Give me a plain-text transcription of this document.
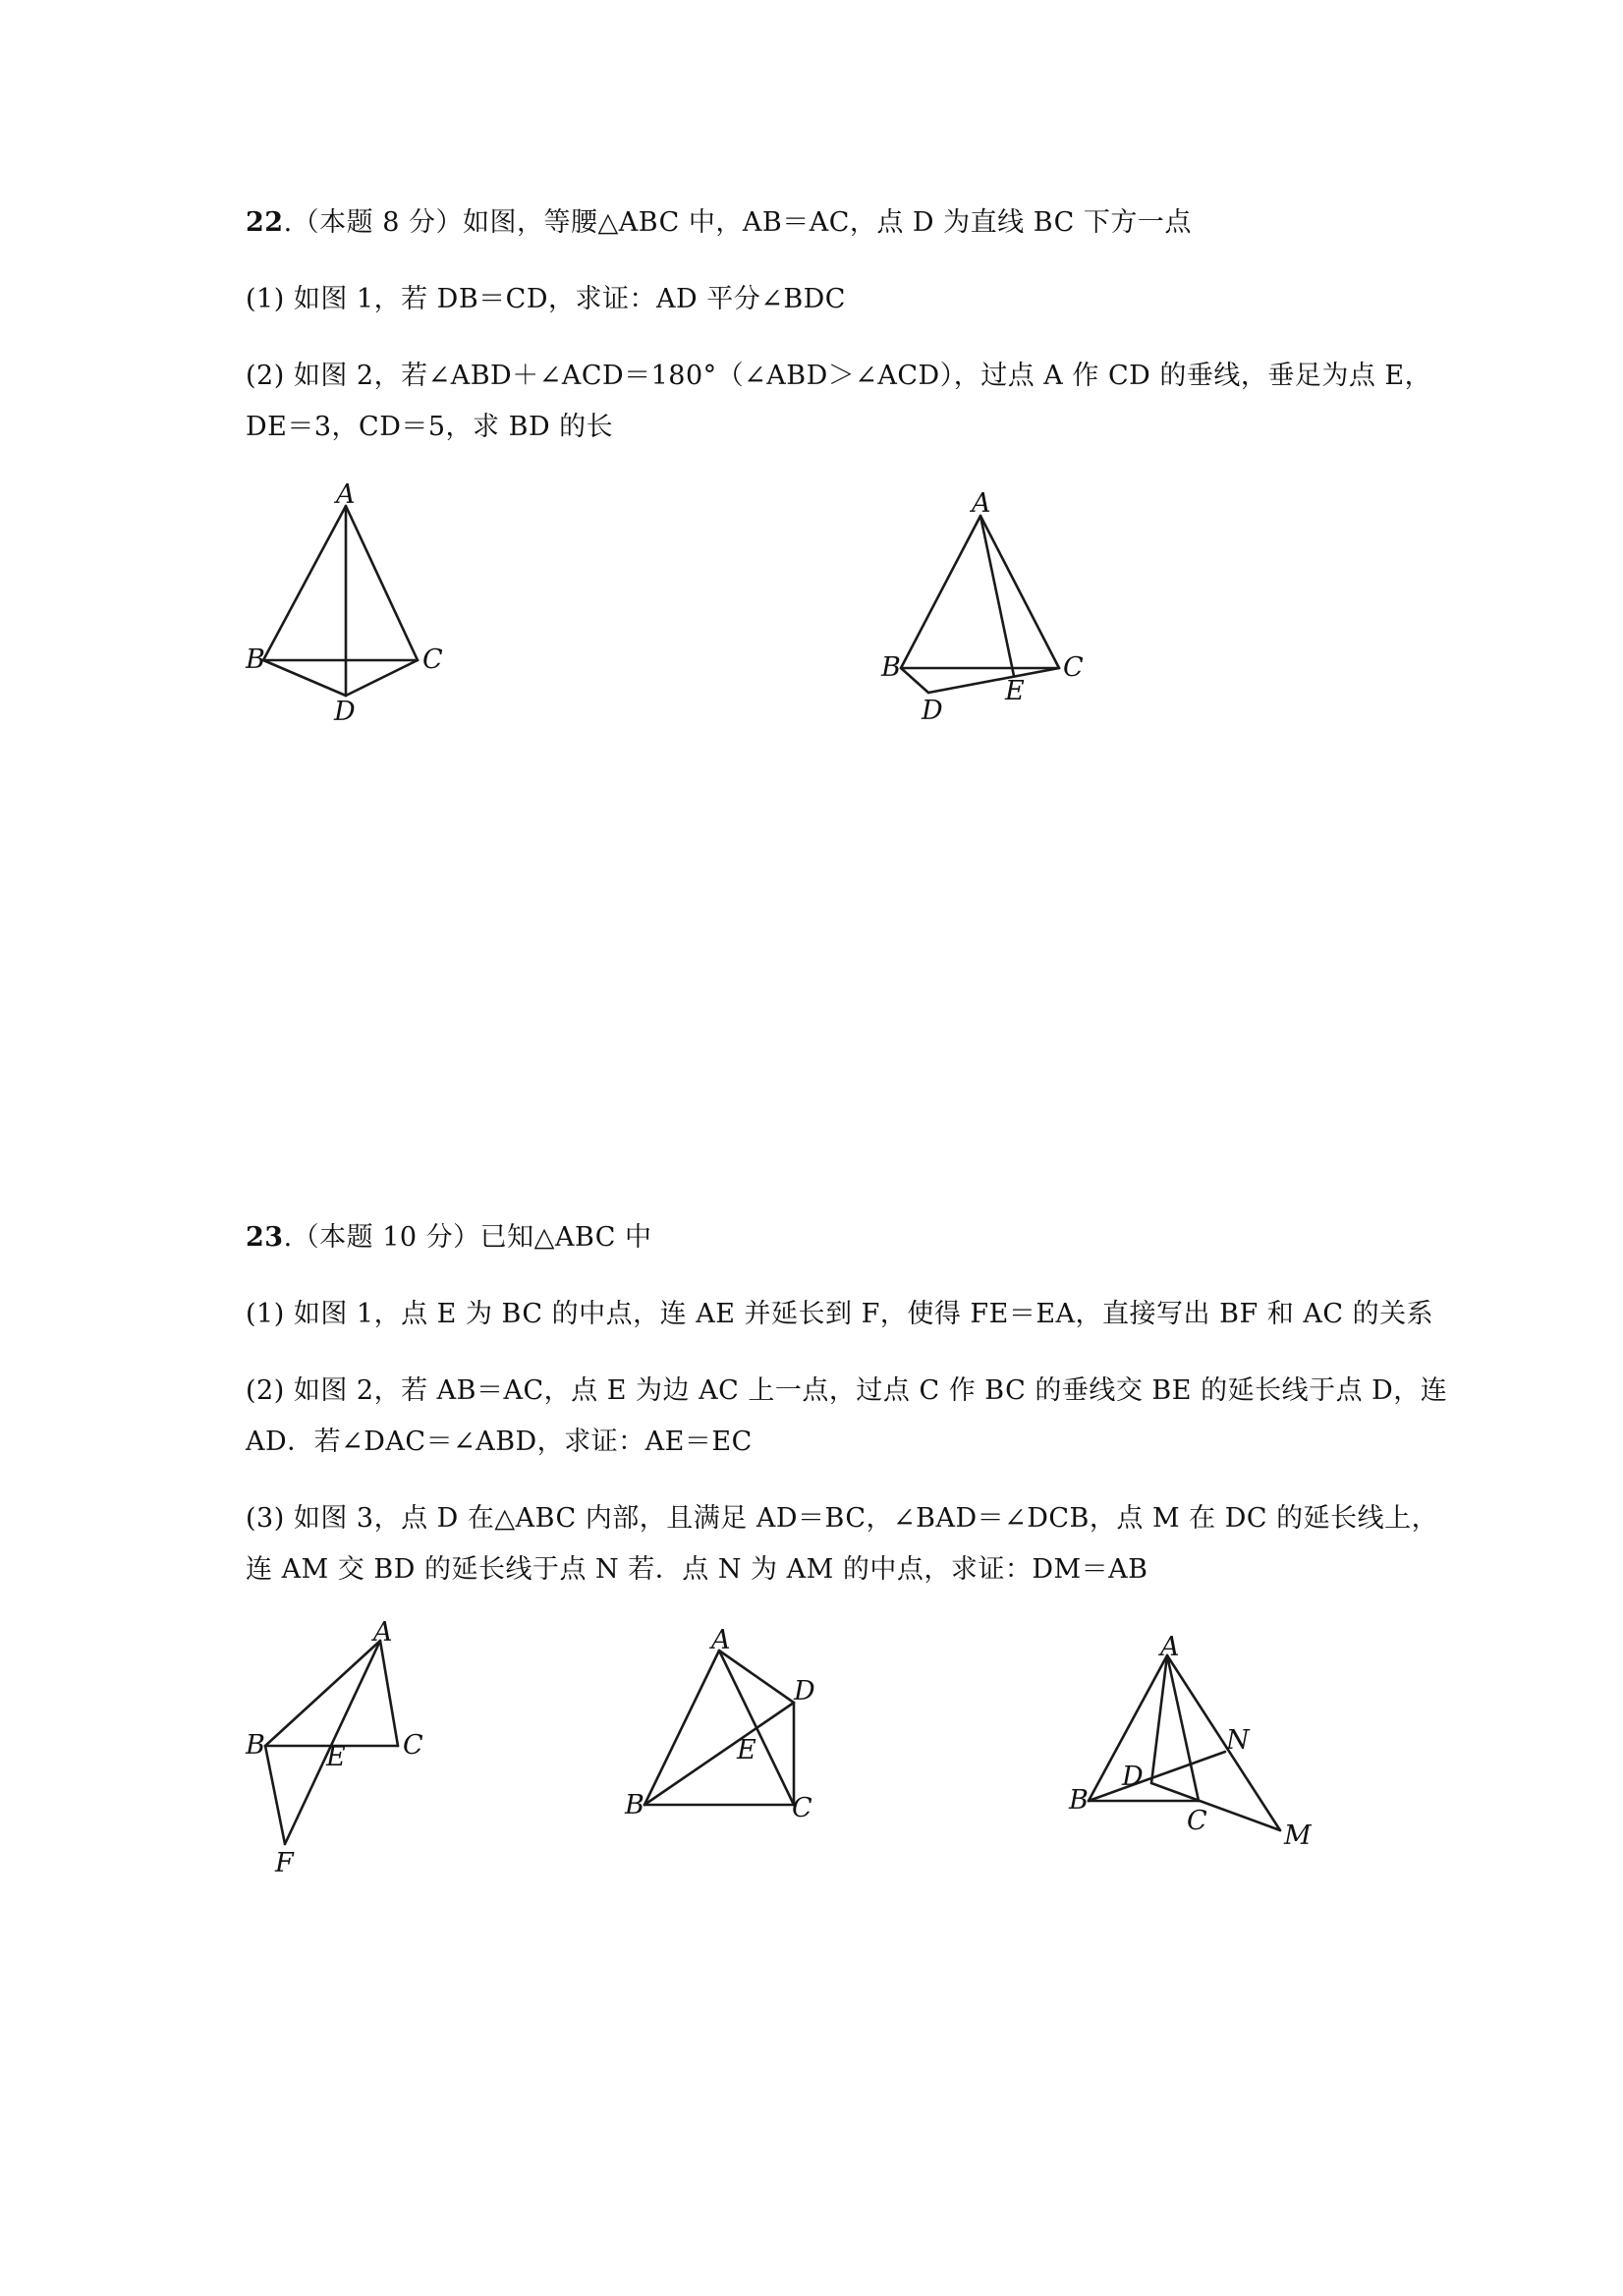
22.（本题 8 分）如图，等腰△ABC 中，AB＝AC，点 D 为直线 BC 下方一点
(1) 如图 1，若 DB＝CD，求证：AD 平分∠BDC
(2) 如图 2，若∠ABD＋∠ACD＝180°（∠ABD＞∠ACD），过点 A 作 CD 的垂线，垂足为点 E，
DE＝3，CD＝5，求 BD 的长
A
B	C
D
A
B	C
D
E
23.（本题 10 分）已知△ABC 中
(1) 如图 1，点 E 为 BC 的中点，连 AE 并延长到 F，使得 FE＝EA，直接写出 BF 和 AC 的关系
(2) 如图 2，若 AB＝AC，点 E 为边 AC 上一点，过点 C 作 BC 的垂线交 BE 的延长线于点 D，连
AD．若∠DAC＝∠ABD，求证：AE＝EC
(3) 如图 3，点 D 在△ABC 内部，且满足 AD＝BC，∠BAD＝∠DCB，点 M 在 DC 的延长线上，
连 AM 交 BD 的延长线于点 N 若．点 N 为 AM 的中点，求证：DM＝AB
A
B	C
E
F
A
B	C
D
E
A
B
C
D
N
M
